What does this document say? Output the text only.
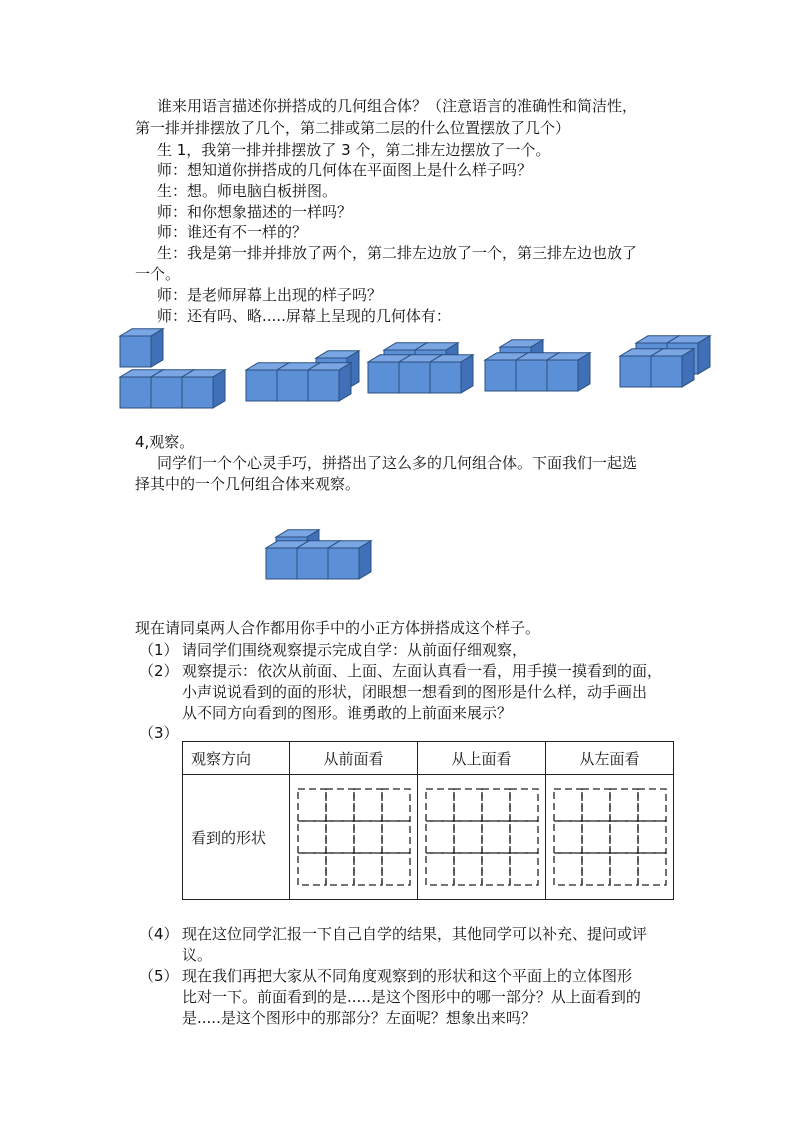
谁来用语言描述你拼搭成的几何组合体？（注意语言的准确性和简洁性，
第一排并排摆放了几个，第二排或第二层的什么位置摆放了几个）
生 1，我第一排并排摆放了 3 个，第二排左边摆放了一个。
师：想知道你拼搭成的几何体在平面图上是什么样子吗？
生：想。师电脑白板拼图。
师：和你想象描述的一样吗？
师：谁还有不一样的？
生：我是第一排并排放了两个，第二排左边放了一个，第三排左边也放了
一个。
师：是老师屏幕上出现的样子吗？
师：还有吗、略.....屏幕上呈现的几何体有：
4,观察。
同学们一个个心灵手巧，拼搭出了这么多的几何组合体。下面我们一起选
择其中的一个几何组合体来观察。
现在请同桌两人合作都用你手中的小正方体拼搭成这个样子。
（1） 请同学们围绕观察提示完成自学：从前面仔细观察，
（2） 观察提示：依次从前面、上面、左面认真看一看，用手摸一摸看到的面，
小声说说看到的面的形状，闭眼想一想看到的图形是什么样，动手画出
从不同方向看到的图形。谁勇敢的上前面来展示？
（3）
观察方向	从前面看	从上面看	从左面看
看到的形状	

（4） 现在这位同学汇报一下自己自学的结果，其他同学可以补充、提问或评
议。
（5） 现在我们再把大家从不同角度观察到的形状和这个平面上的立体图形
比对一下。前面看到的是.....是这个图形中的哪一部分？从上面看到的
是.....是这个图形中的那部分？左面呢？想象出来吗？
